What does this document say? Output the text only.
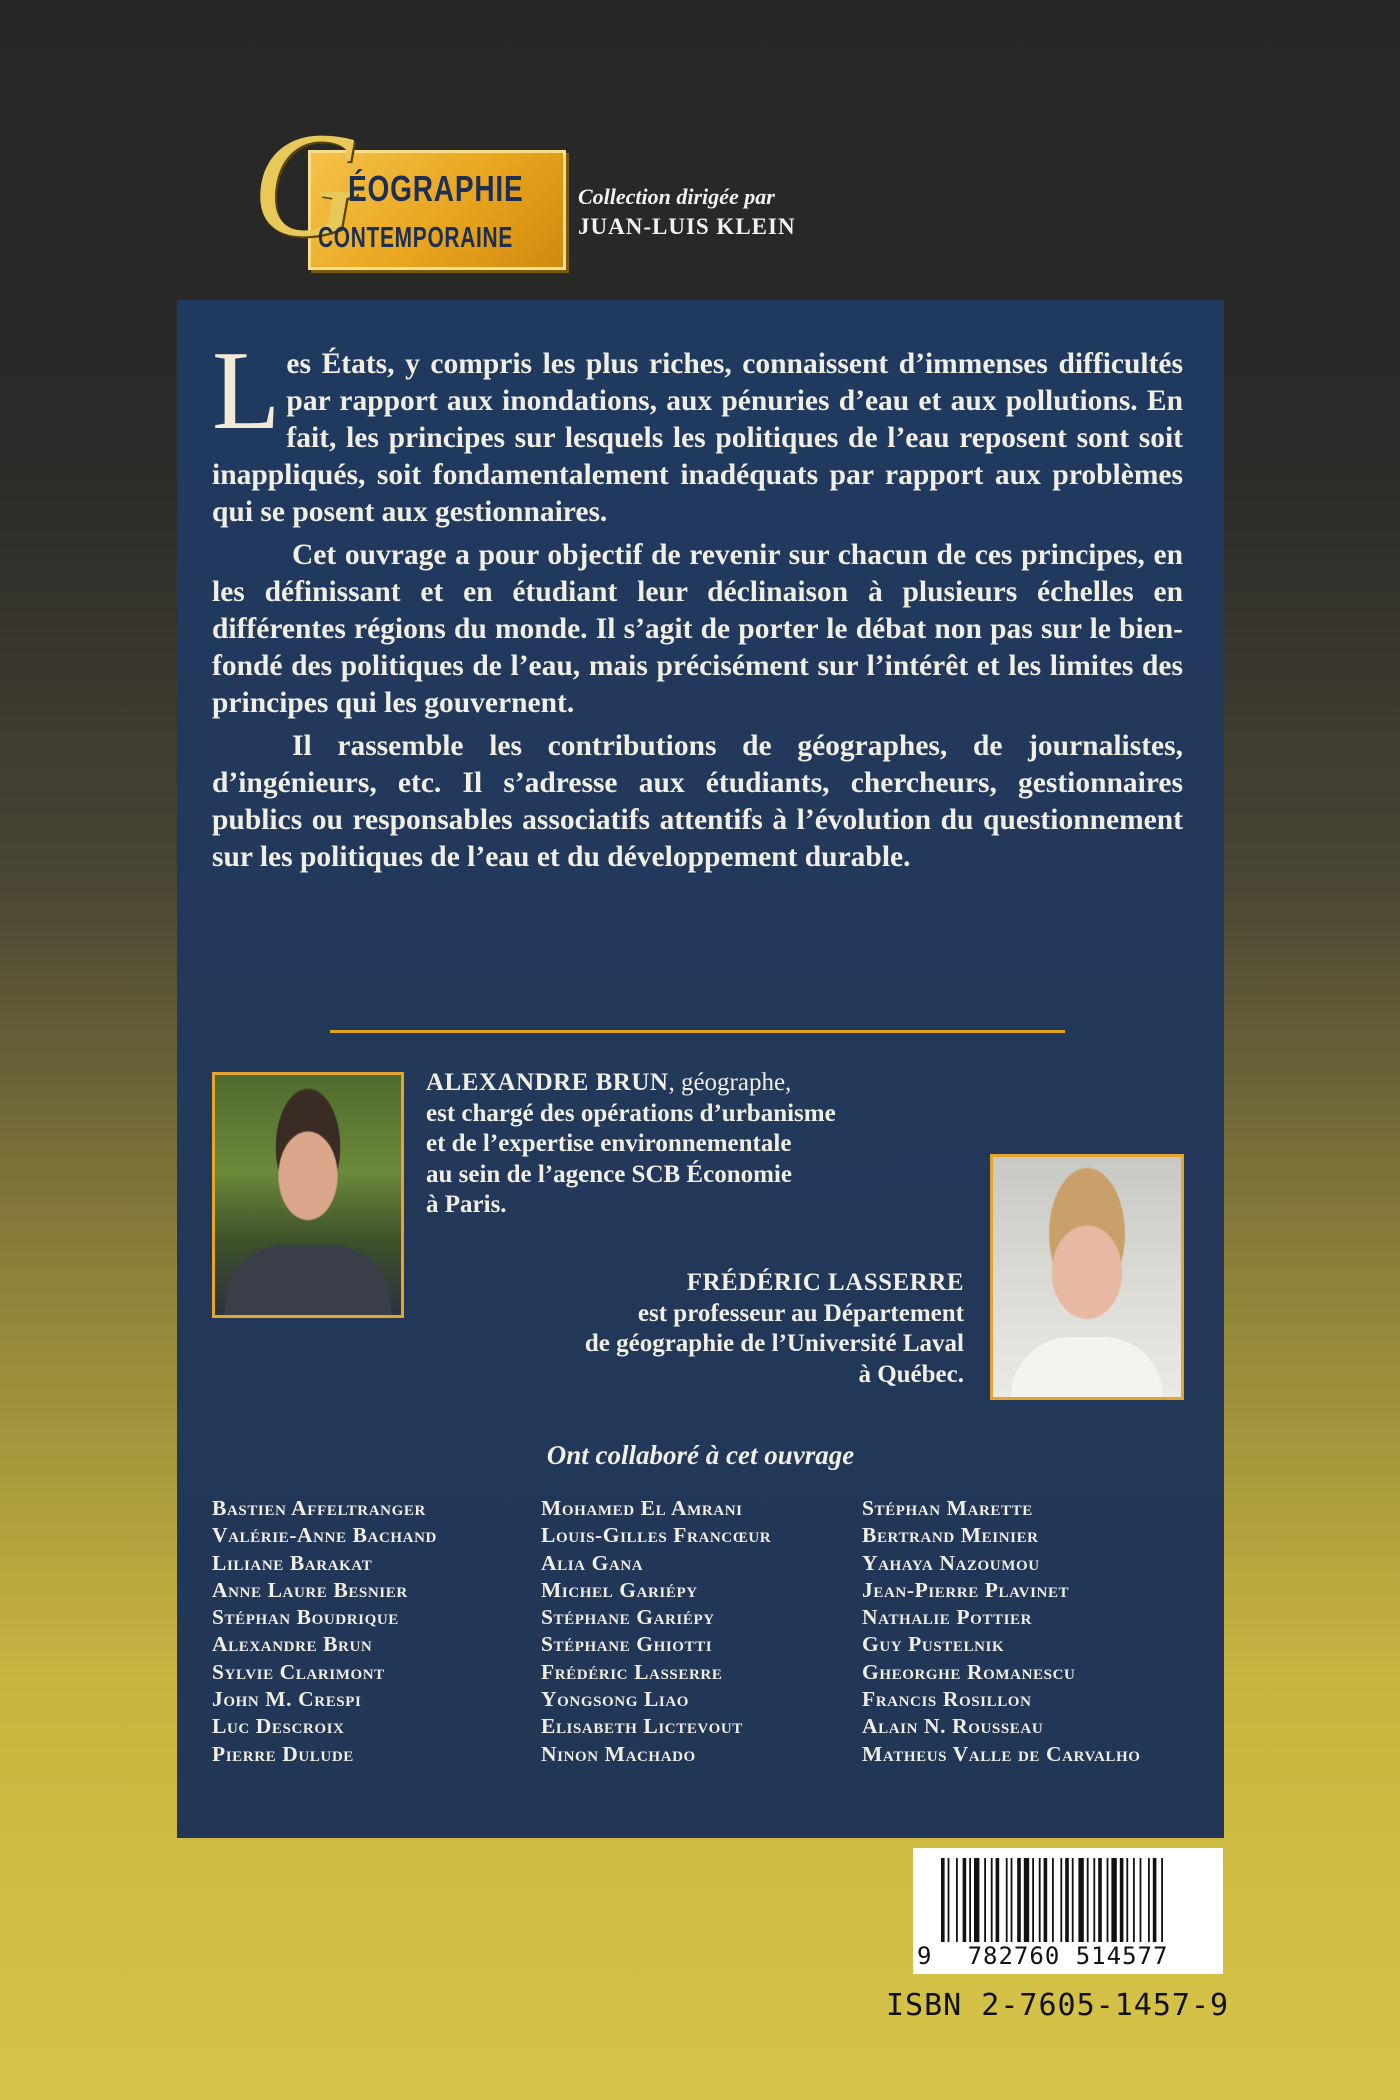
G
ÉOGRAPHIE
CONTEMPORAINE
Collection dirigée par
JUAN-LUIS KLEIN

Les États, y compris les plus riches, connaissent d’immenses difficultés par rapport aux inondations, aux pénuries d’eau et aux pollutions. En fait, les principes sur lesquels les politiques de l’eau reposent sont soit inappliqués, soit fondamentalement inadéquats par rapport aux problèmes qui se posent aux gestionnaires.

Cet ouvrage a pour objectif de revenir sur chacun de ces principes, en les définissant et en étudiant leur déclinaison à plusieurs échelles en différentes régions du monde. Il s’agit de porter le débat non pas sur le bien-fondé des politiques de l’eau, mais précisément sur l’intérêt et les limites des principes qui les gouvernent.

Il rassemble les contributions de géographes, de journalistes, d’ingénieurs, etc. Il s’adresse aux étudiants, chercheurs, gestionnaires publics ou responsables associatifs attentifs à l’évolution du questionnement sur les politiques de l’eau et du développement durable.

ALEXANDRE BRUN, géographe,
est chargé des opérations d’urbanisme
et de l’expertise environnementale
au sein de l’agence SCB Économie
à Paris.
FRÉDÉRIC LASSERRE
est professeur au Département
de géographie de l’Université Laval
à Québec.
Ont collaboré à cet ouvrage
Bastien Affeltranger
Valérie-Anne Bachand
Liliane Barakat
Anne Laure Besnier
Stéphan Boudrique
Alexandre Brun
Sylvie Clarimont
John M. Crespi
Luc Descroix
Pierre Dulude
Mohamed El Amrani
Louis-Gilles Francœur
Alia Gana
Michel Gariépy
Stéphane Gariépy
Stéphane Ghiotti
Frédéric Lasserre
Yongsong Liao
Elisabeth Lictevout
Ninon Machado
Stéphan Marette
Bertrand Meinier
Yahaya Nazoumou
Jean-Pierre Plavinet
Nathalie Pottier
Guy Pustelnik
Gheorghe Romanescu
Francis Rosillon
Alain N. Rousseau
Matheus Valle de Carvalho
9	782760 514577
ISBN 2-7605-1457-9
